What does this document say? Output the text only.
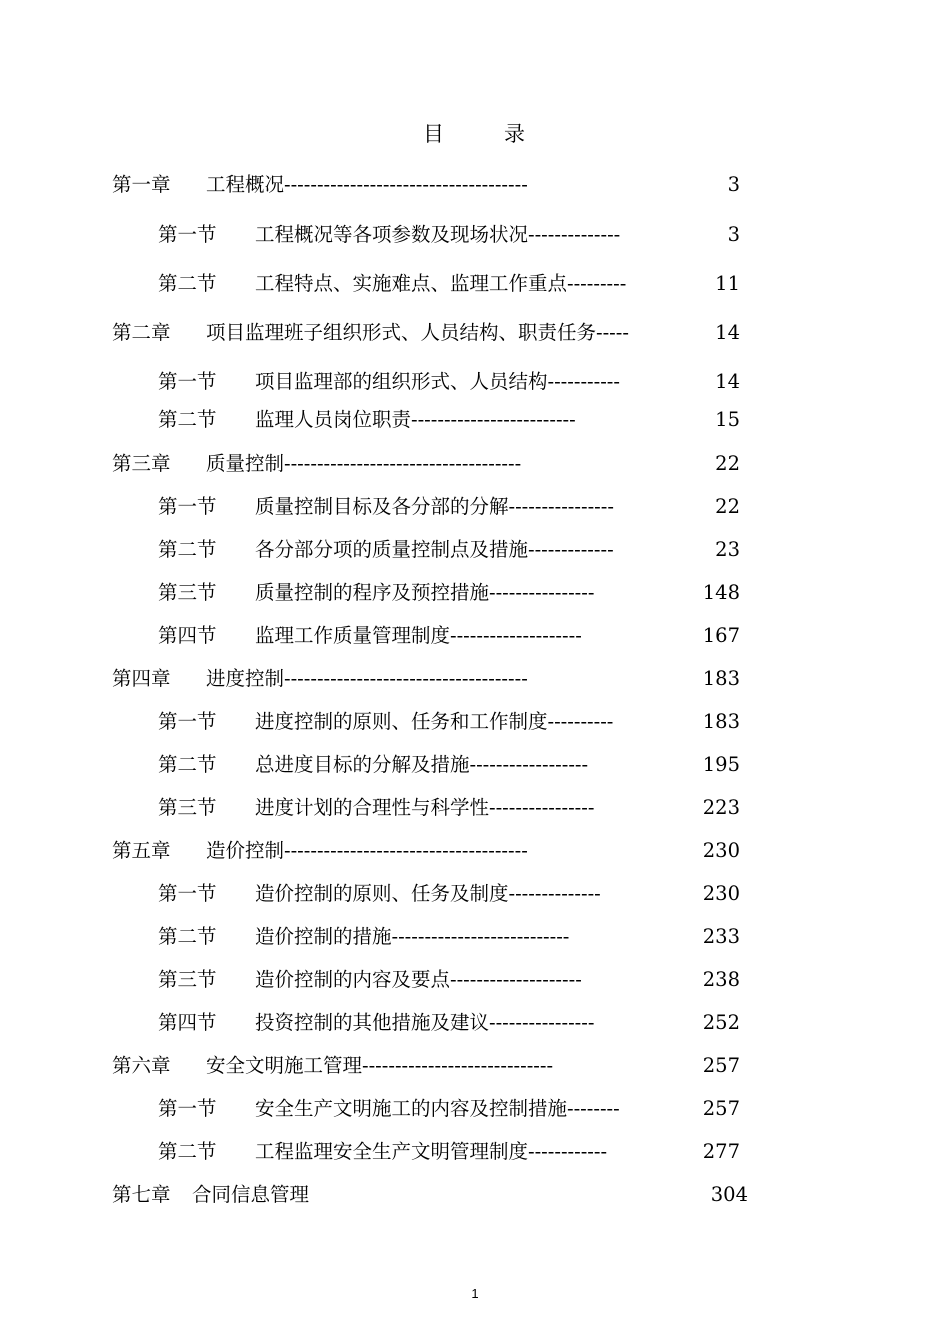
目	录
第一章 工程概况-------------------------------------	3
第一节 工程概况等各项参数及现场状况--------------	3
第二节 工程特点、实施难点、监理工作重点---------	11
第二章 项目监理班子组织形式、人员结构、职责任务-----	14
第一节 项目监理部的组织形式、人员结构-----------	14
第二节 监理人员岗位职责-------------------------	15
第三章 质量控制------------------------------------	22
第一节 质量控制目标及各分部的分解----------------	22
第二节 各分部分项的质量控制点及措施-------------	23
第三节 质量控制的程序及预控措施----------------	148
第四节 监理工作质量管理制度--------------------	167
第四章 进度控制-------------------------------------	183
第一节 进度控制的原则、任务和工作制度----------	183
第二节 总进度目标的分解及措施------------------	195
第三节 进度计划的合理性与科学性----------------	223
第五章 造价控制-------------------------------------	230
第一节 造价控制的原则、任务及制度--------------	230
第二节 造价控制的措施---------------------------	233
第三节 造价控制的内容及要点--------------------	238
第四节 投资控制的其他措施及建议----------------	252
第六章 安全文明施工管理-----------------------------	257
第一节 安全生产文明施工的内容及控制措施--------	257
第二节 工程监理安全生产文明管理制度------------	277
第七章 合同信息管理	304
1
